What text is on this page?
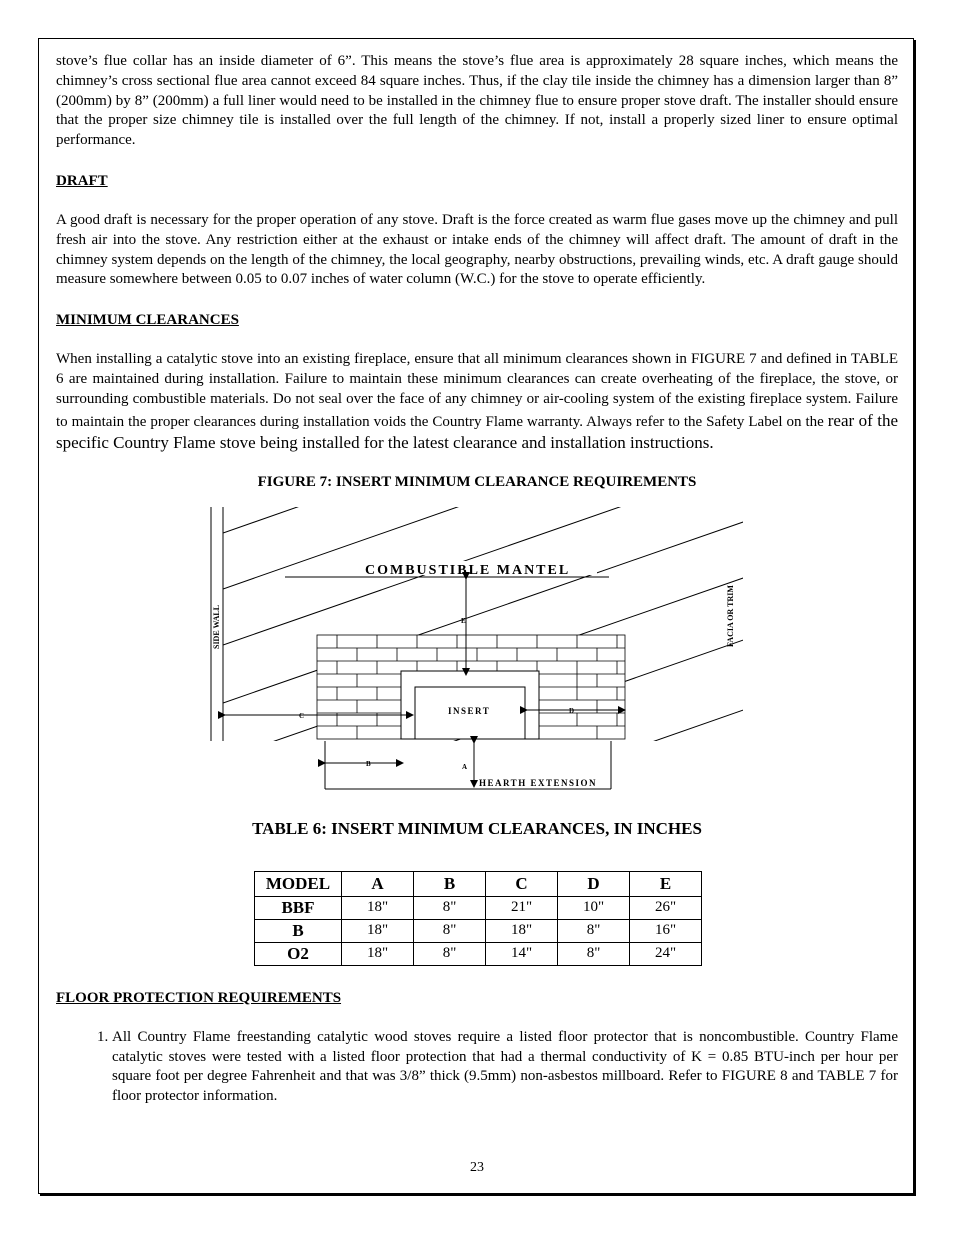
stove’s flue collar has an inside diameter of 6”. This means the stove’s flue area is approximately 28 square inches, which means the chimney’s cross sectional flue area cannot exceed 84 square inches. Thus, if the clay tile inside the chimney has a dimension larger than 8” (200mm) by 8” (200mm) a full liner would need to be installed in the chimney flue to ensure proper stove draft. The installer should ensure that the proper size chimney tile is installed over the full length of the chimney. If not, install a properly sized liner to ensure optimal performance.

DRAFT

A good draft is necessary for the proper operation of any stove. Draft is the force created as warm flue gases move up the chimney and pull fresh air into the stove. Any restriction either at the exhaust or intake ends of the chimney will affect draft. The amount of draft in the chimney system depends on the length of the chimney, the local geography, nearby obstructions, prevailing winds, etc. A draft gauge should measure somewhere between 0.05 to 0.07 inches of water column (W.C.) for the stove to operate efficiently.

MINIMUM CLEARANCES

When installing a catalytic stove into an existing fireplace, ensure that all minimum clearances shown in FIGURE 7 and defined in TABLE 6 are maintained during installation. Failure to maintain these minimum clearances can create overheating of the fireplace, the stove, or surrounding combustible materials. Do not seal over the face of any chimney or air-cooling system of the existing fireplace system. Failure to maintain the proper clearances during installation voids the Country Flame warranty. Always refer to the Safety Label on the rear of the specific Country Flame stove being installed for the latest clearance and installation instructions.

FIGURE 7: INSERT MINIMUM CLEARANCE REQUIREMENTS

SIDE WALL	FACIA OR TRIM
COMBUSTIBLE MANTEL
INSERT
E
C
D
B	A
HEARTH EXTENSION

TABLE 6: INSERT MINIMUM CLEARANCES, IN INCHES

MODEL	A	B	C	D	E
BBF	18"	8"	21"	10"	26"
B	18"	8"	18"	8"	16"
O2	18"	8"	14"	8"	24"
FLOOR PROTECTION REQUIREMENTS
1. All Country Flame freestanding catalytic wood stoves require a listed floor protector that is noncombustible. Country Flame catalytic stoves were tested with a listed floor protection that had a thermal conductivity of K = 0.85 BTU-inch per hour per square foot per degree Fahrenheit and that was 3/8” thick (9.5mm) non-asbestos millboard. Refer to FIGURE 8 and TABLE 7 for floor protector information.
23
